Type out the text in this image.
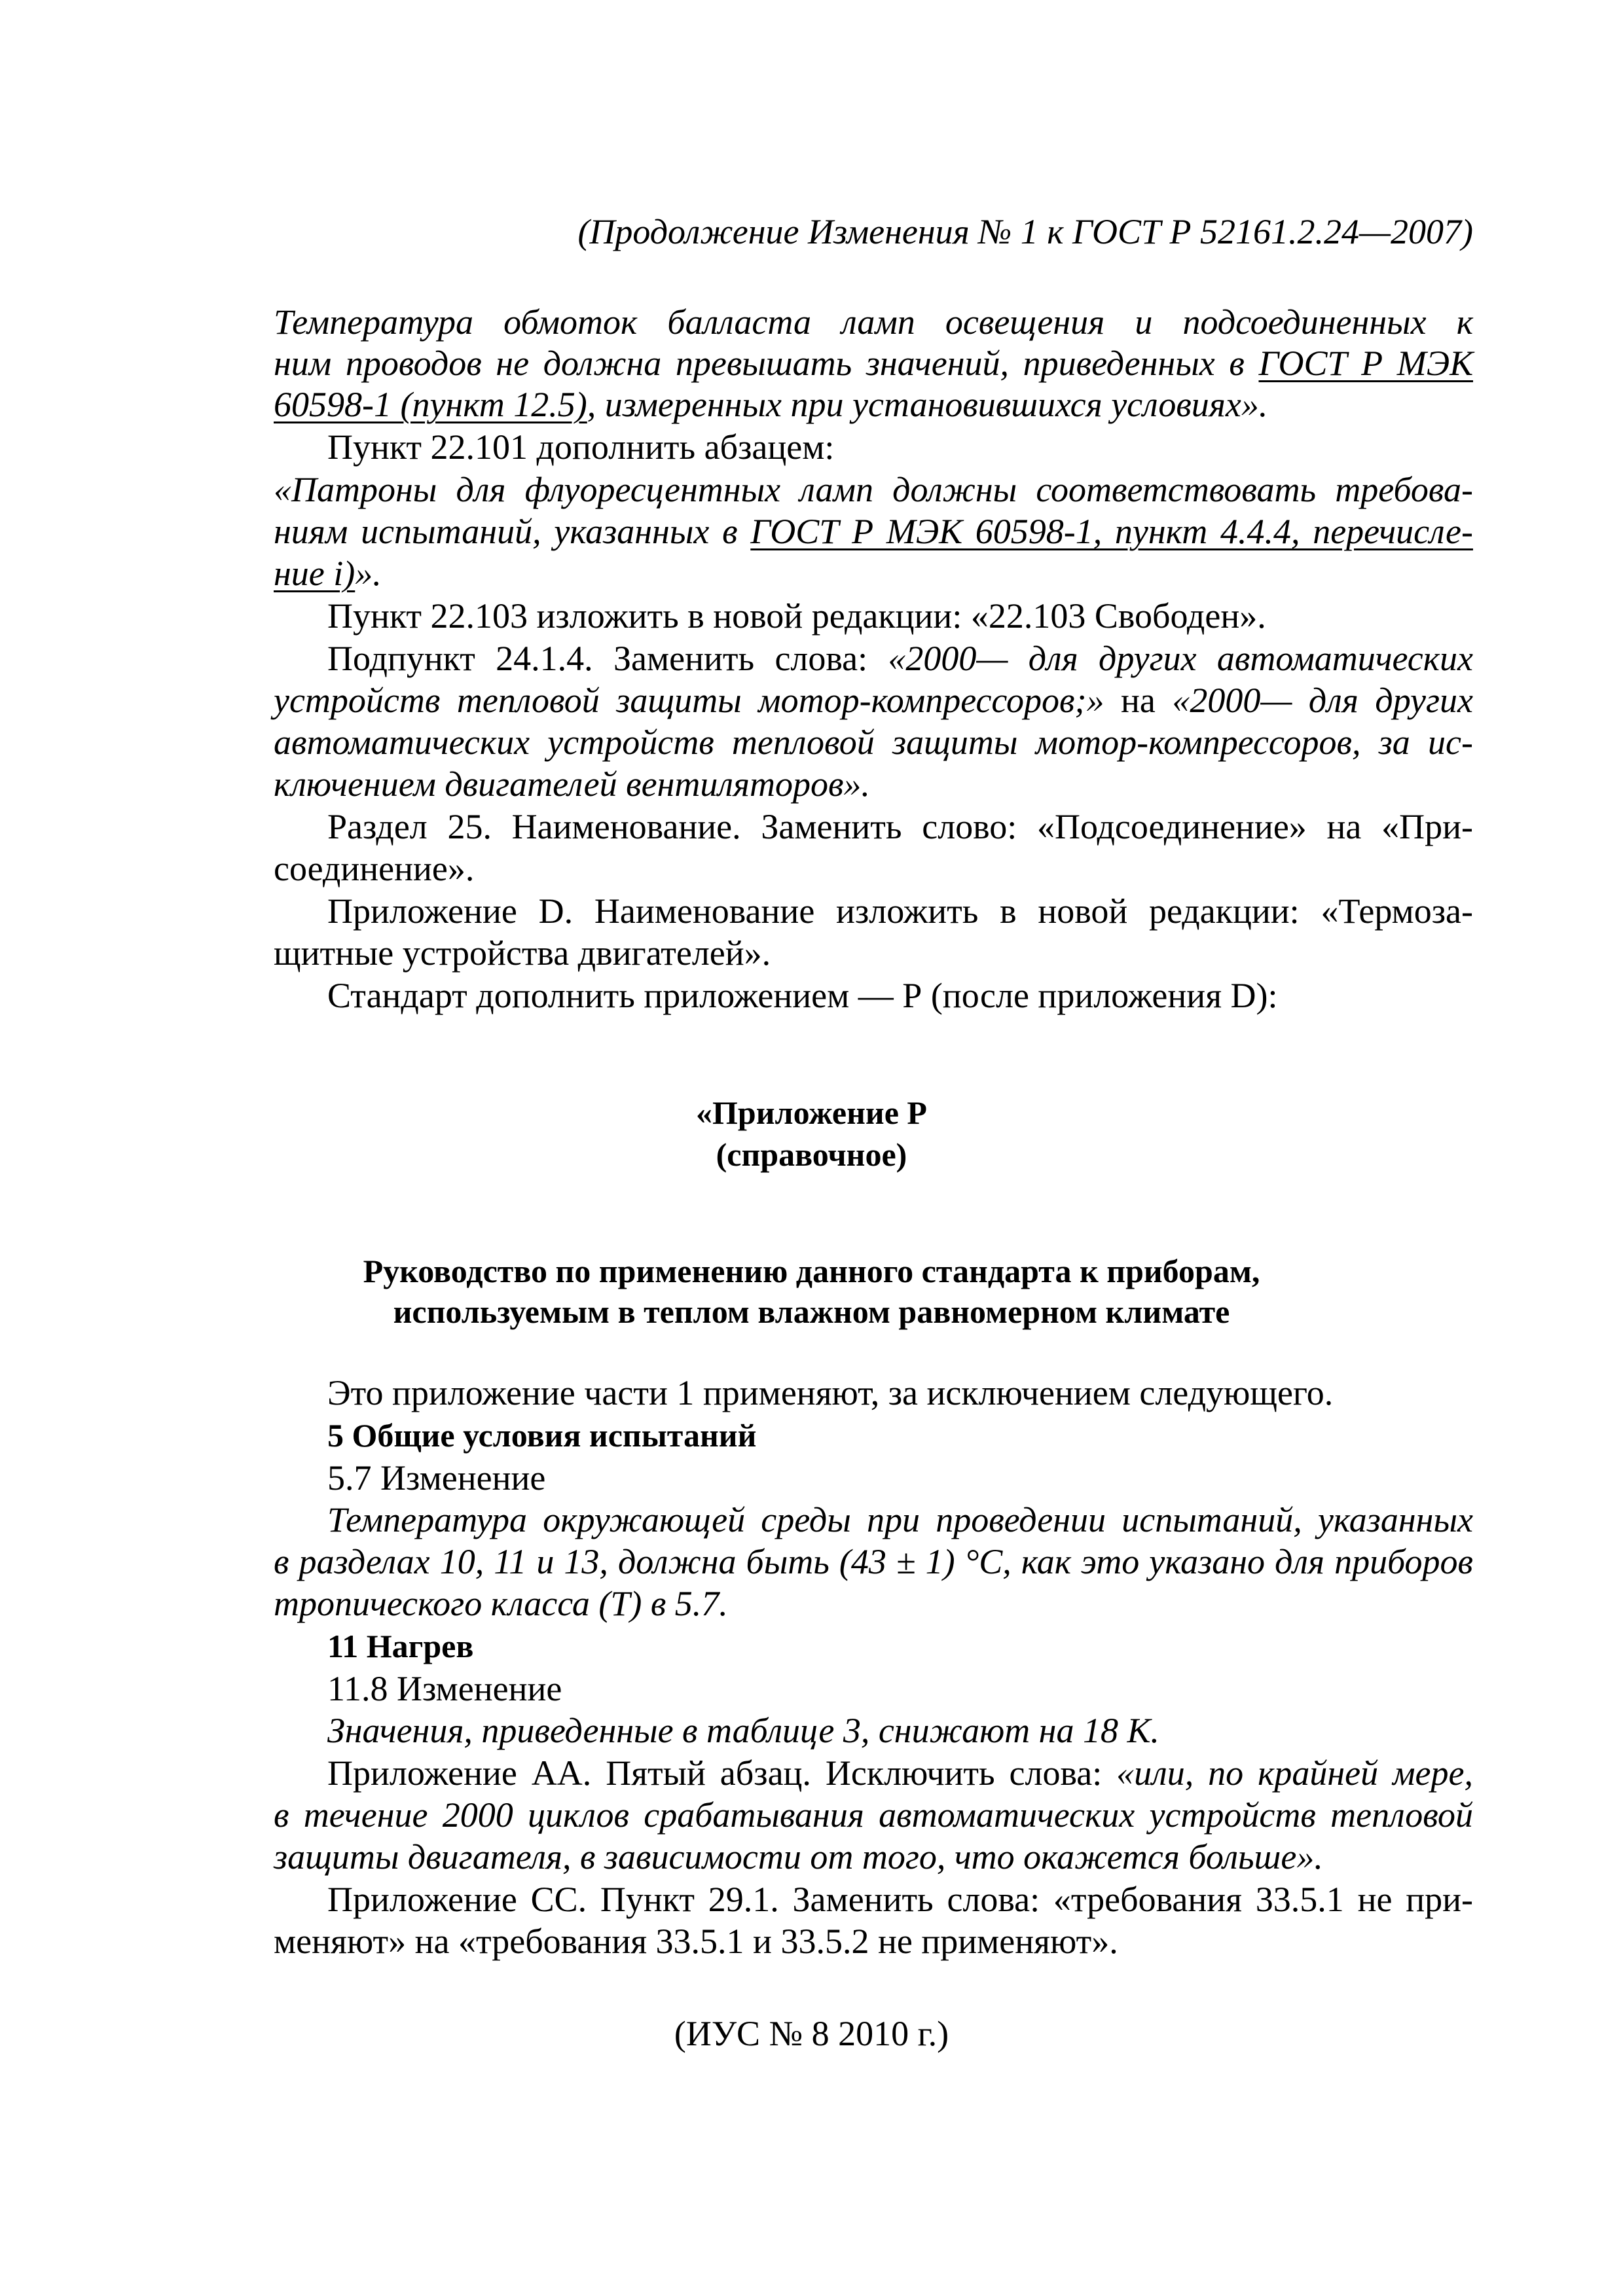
(Продолжение Изменения № 1 к ГОСТ Р 52161.2.24—2007)
Температура обмоток балласта ламп освещения и подсоединенных к
ним проводов не должна превышать значений, приведенных в ГОСТ Р МЭК
60598-1 (пункт 12.5), измеренных при установившихся условиях».
Пункт 22.101 дополнить абзацем:
«Патроны для флуоресцентных ламп должны соответствовать требова-
ниям испытаний, указанных в ГОСТ Р МЭК 60598-1, пункт 4.4.4, перечисле-
ние i)».
Пункт 22.103 изложить в новой редакции: «22.103 Свободен».
Подпункт 24.1.4. Заменить слова: «2000— для других автоматических
устройств тепловой защиты мотор-компрессоров;» на «2000— для других
автоматических устройств тепловой защиты мотор-компрессоров, за ис-
ключением двигателей вентиляторов».
Раздел 25. Наименование. Заменить слово: «Подсоединение» на «При-
соединение».
Приложение D. Наименование изложить в новой редакции: «Термоза-
щитные устройства двигателей».
Стандарт дополнить приложением — Р (после приложения D):
«Приложение Р
(справочное)
Руководство по применению данного стандарта к приборам,
используемым в теплом влажном равномерном климате
Это приложение части 1 применяют, за исключением следующего.
5 Общие условия испытаний
5.7 Изменение
Температура окружающей среды при проведении испытаний, указанных
в разделах 10, 11 и 13, должна быть (43 ± 1) °С, как это указано для приборов
тропического класса (Т) в 5.7.
11 Нагрев
11.8 Изменение
Значения, приведенные в таблице 3, снижают на 18 К.
Приложение АА. Пятый абзац. Исключить слова: «или, по крайней мере,
в течение 2000 циклов срабатывания автоматических устройств тепловой
защиты двигателя, в зависимости от того, что окажется больше».
Приложение СС. Пункт 29.1. Заменить слова: «требования 33.5.1 не при-
меняют» на «требования 33.5.1 и 33.5.2 не применяют».
(ИУС № 8 2010 г.)
